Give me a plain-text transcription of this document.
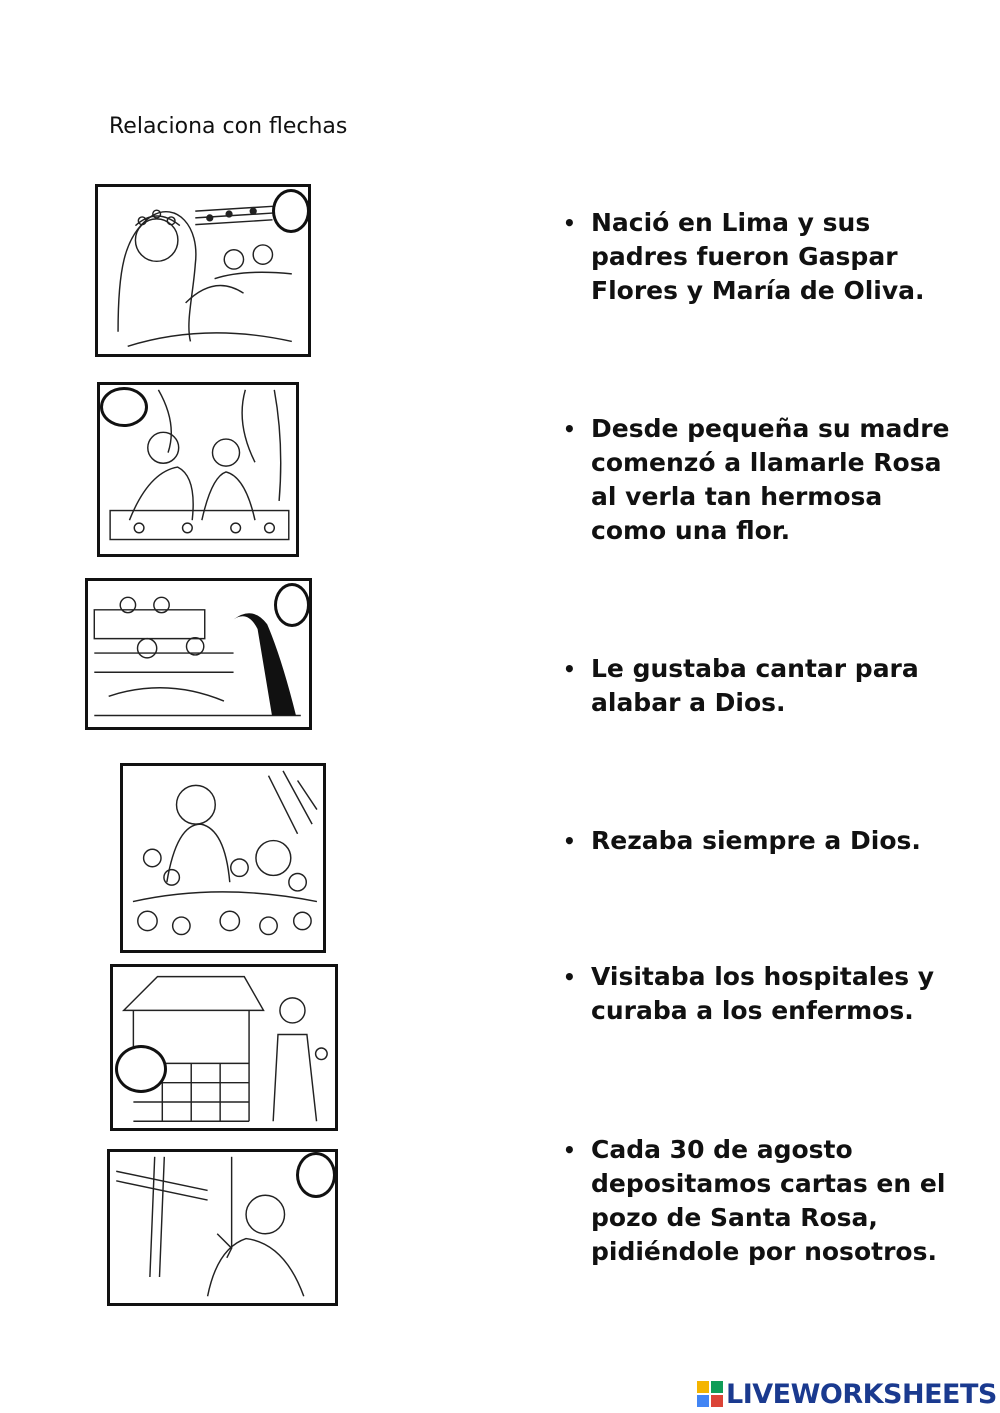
Relaciona con flechas
• Nació en Lima y sus padres fueron Gaspar Flores y María de Oliva.
• Desde pequeña su madre comenzó a llamarle Rosa al verla tan hermosa como una flor.
• Le gustaba cantar para alabar a Dios.
• Rezaba siempre a Dios.
• Visitaba los hospitales y curaba a los enfermos.
• Cada 30 de agosto depositamos cartas en el pozo de Santa Rosa, pidiéndole por nosotros.
LIVEWORKSHEETS
